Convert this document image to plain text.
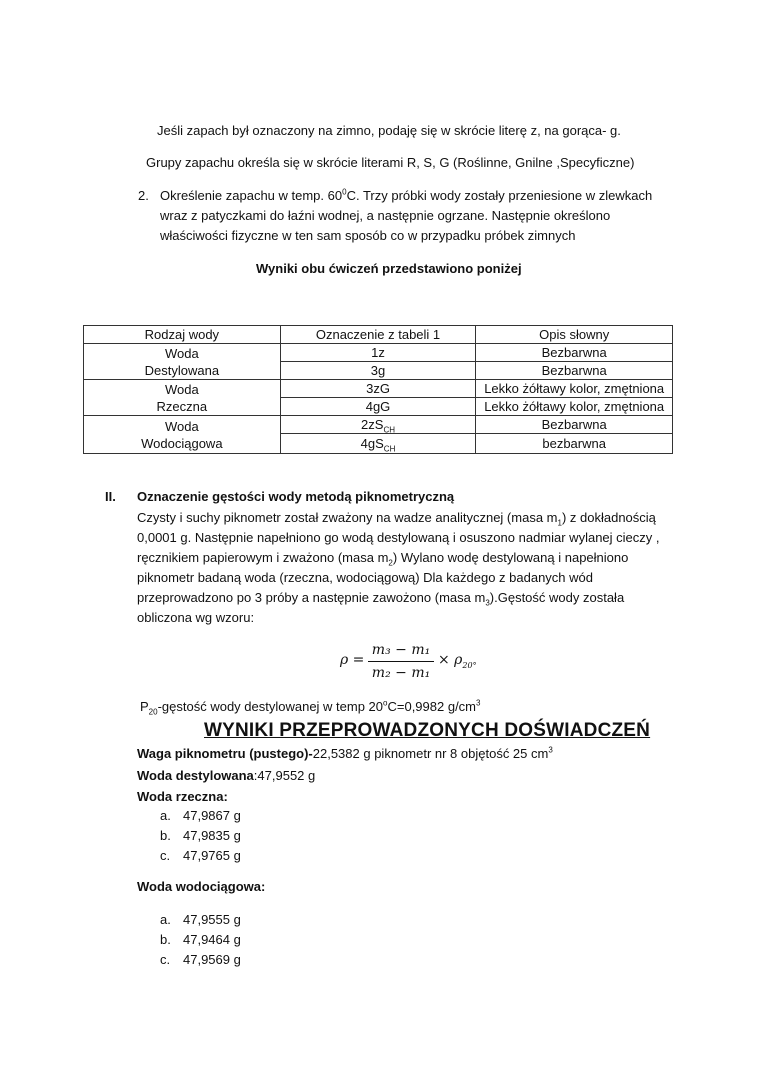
Jeśli zapach był oznaczony na zimno, podaję się w skrócie literę z, na gorąca- g.
Grupy zapachu określa się w skrócie literami R, S, G (Roślinne, Gnilne ,Specyficzne)
2. Określenie zapachu w temp. $60^0C$. Trzy próbki wody zostały przeniesione w zlewkach
wraz z patyczkami do łaźni wodnej, a następnie ogrzane. Następnie określono
właściwości fizyczne w ten sam sposób co w przypadku próbek zimnych
Wyniki obu ćwiczeń przedstawiono poniżej
Rodzaj wody	Oznaczenie z tabeli 1	Opis słowny

Woda
Destylowana	1z	Bezbarwna
	3g	Bezbarwna

Woda
Rzeczna	3zG	Lekko żółtawy kolor, zmętniona
	4gG	Lekko żółtawy kolor, zmętniona

Woda
Wodociągowa	$2zS_{CH}$	Bezbarwna
	$4gS_{CH}$	bezbarwna
II. Oznaczenie gęstości wody metodą piknometryczną
Czysty i suchy piknometr został zważony na wadze analitycznej (masa $m_1$) z dokładnością
0,0001 g. Następnie napełniono go wodą destylowaną i osuszono nadmiar wylanej cieczy ,
ręcznikiem papierowym i zważono (masa $m_2$) Wylano wodę destylowaną i napełniono
piknometr badaną woda (rzeczna, wodociągową) Dla każdego z badanych wód
przeprowadzono po 3 próby a następnie zawożono (masa $m_3).Gęstość$ wody została
obliczona wg wzoru:
ρ =
m₃ − m₁
m₂ − m₁
× $\rho_{20^\circ}$
$P_{20}$-gęstość wody destylowanej w temp $20^oC=0,9982$ $g/cm^3$
WYNIKI PRZEPROWADZONYCH DOŚWIADCZEŃ
Waga piknometru (pustego)-22,5382 g piknometr nr 8 objętość 25 $cm^3$
Woda destylowana:47,9552 g
Woda rzeczna:
a. 47,9867 g
b. 47,9835 g
c. 47,9765 g
Woda wodociągowa:
a. 47,9555 g
b. 47,9464 g
c. 47,9569 g
